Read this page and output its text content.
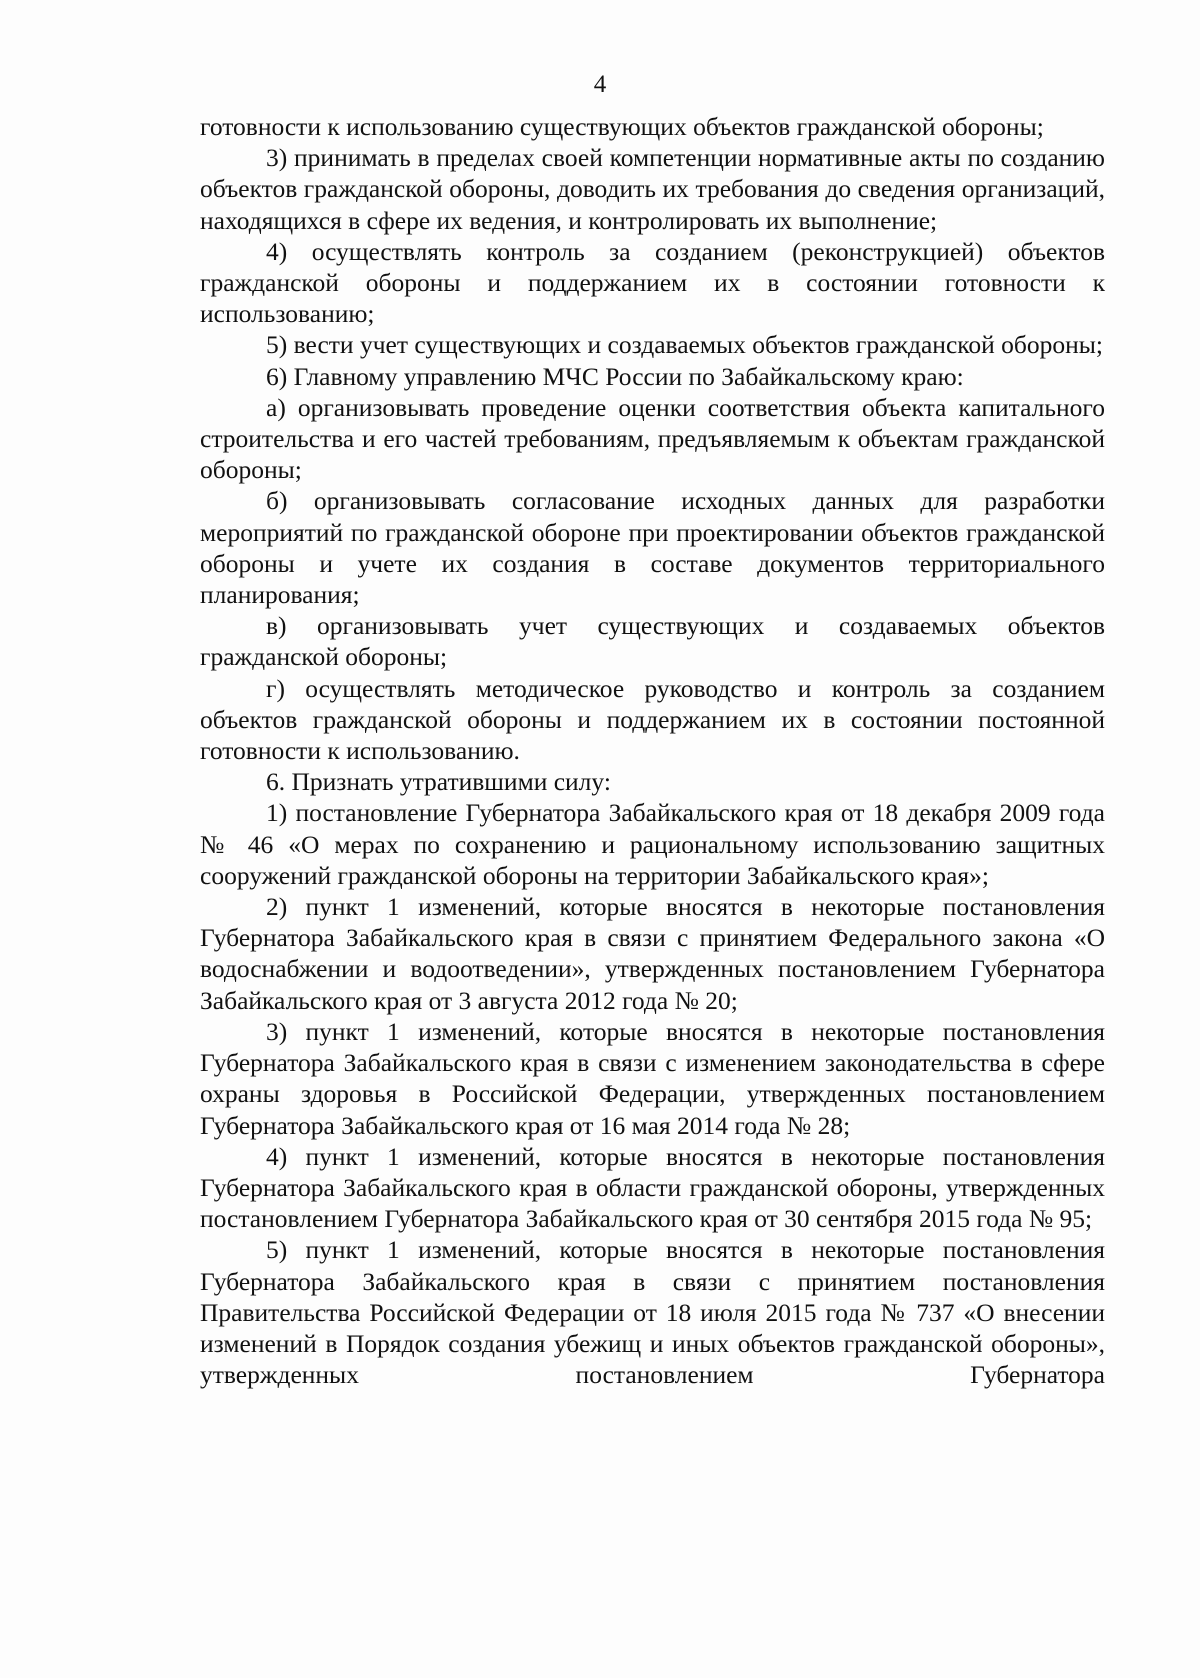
4

готовности к использованию существующих объектов гражданской обороны;

3) принимать в пределах своей компетенции нормативные акты по созданию объектов гражданской обороны, доводить их требования до сведения организаций, находящихся в сфере их ведения, и контролировать их выполнение;

4) осуществлять контроль за созданием (реконструкцией) объектов гражданской обороны и поддержанием их в состоянии готовности к использованию;

5) вести учет существующих и создаваемых объектов гражданской обороны;

6) Главному управлению МЧС России по Забайкальскому краю:

а) организовывать проведение оценки соответствия объекта капитального строительства и его частей требованиям, предъявляемым к объектам гражданской обороны;

б) организовывать согласование исходных данных для разработки мероприятий по гражданской обороне при проектировании объектов гражданской обороны и учете их создания в составе документов территориального планирования;

в) организовывать учет существующих и создаваемых объектов гражданской обороны;

г) осуществлять методическое руководство и контроль за созданием объектов гражданской обороны и поддержанием их в состоянии постоянной готовности к использованию.

6. Признать утратившими силу:

1) постановление Губернатора Забайкальского края от 18 декабря 2009 года № 46 «О мерах по сохранению и рациональному использованию защитных сооружений гражданской обороны на территории Забайкальского края»;

2) пункт 1 изменений, которые вносятся в некоторые постановления Губернатора Забайкальского края в связи с принятием Федерального закона «О водоснабжении и водоотведении», утвержденных постановлением Губернатора Забайкальского края от 3 августа 2012 года № 20;

3) пункт 1 изменений, которые вносятся в некоторые постановления Губернатора Забайкальского края в связи с изменением законодательства в сфере охраны здоровья в Российской Федерации, утвержденных постановлением Губернатора Забайкальского края от 16 мая 2014 года № 28;

4) пункт 1 изменений, которые вносятся в некоторые постановления Губернатора Забайкальского края в области гражданской обороны, утвержденных постановлением Губернатора Забайкальского края от 30 сентября 2015 года № 95;

5) пункт 1 изменений, которые вносятся в некоторые постановления Губернатора Забайкальского края в связи с принятием постановления Правительства Российской Федерации от 18 июля 2015 года № 737 «О внесении изменений в Порядок создания убежищ и иных объектов гражданской обороны», утвержденных постановлением Губернатора
